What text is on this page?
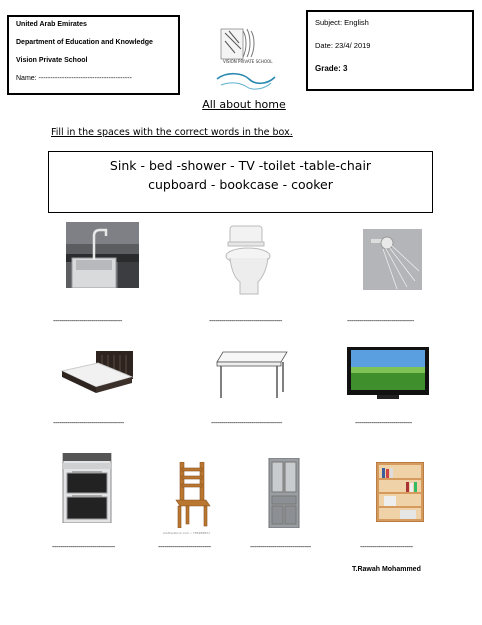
United Arab Emirates
Department of Education and Knowledge
Vision Private School
Name: ----------------------------------------
VISION PRIVATE SCHOOL
Subject: English
Date: 23/4/ 2019
Grade: 3
All about home
Fill in the spaces with the correct words in the box.
Sink - bed -shower - TV -toilet -table-chair
cupboard - bookcase - cooker
----------------------------------	------------------------------------	---------------------------------
-----------------------------------	-----------------------------------	----------------------------
shutterstock.com • 785488831
-------------------------------	--------------------------	------------------------------	--------------------------
T.Rawah Mohammed
